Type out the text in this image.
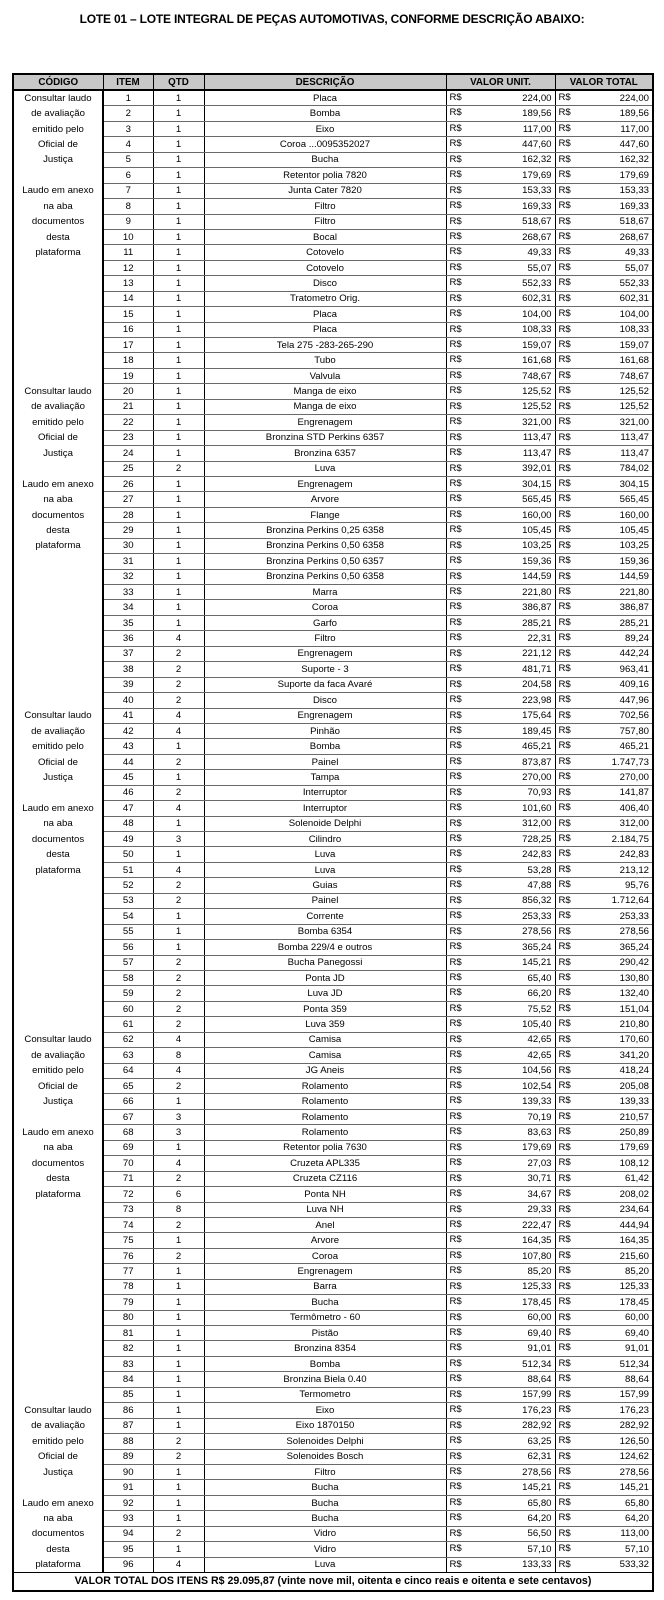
LOTE 01 – LOTE INTEGRAL DE PEÇAS AUTOMOTIVAS, CONFORME DESCRIÇÃO ABAIXO:
CÓDIGO	ITEM	QTD	DESCRIÇÃO	VALOR UNIT.	VALOR TOTAL
Consultar laudo	1	1	Placa	R$ 224,00	R$ 224,00
de avaliação	2	1	Bomba	R$ 189,56	R$ 189,56
emitido pelo	3	1	Eixo	R$ 117,00	R$ 117,00
Oficial de	4	1	Coroa ...0095352027	R$ 447,60	R$ 447,60
Justiça	5	1	Bucha	R$ 162,32	R$ 162,32
	6	1	Retentor polia 7820	R$ 179,69	R$ 179,69
Laudo em anexo	7	1	Junta Cater 7820	R$ 153,33	R$ 153,33
na aba	8	1	Filtro	R$ 169,33	R$ 169,33
documentos	9	1	Filtro	R$ 518,67	R$ 518,67
desta	10	1	Bocal	R$ 268,67	R$ 268,67
plataforma	11	1	Cotovelo	R$ 49,33	R$ 49,33
	12	1	Cotovelo	R$ 55,07	R$ 55,07
	13	1	Disco	R$ 552,33	R$ 552,33
	14	1	Tratometro Orig.	R$ 602,31	R$ 602,31
	15	1	Placa	R$ 104,00	R$ 104,00
	16	1	Placa	R$ 108,33	R$ 108,33
	17	1	Tela 275 -283-265-290	R$ 159,07	R$ 159,07
	18	1	Tubo	R$ 161,68	R$ 161,68
	19	1	Valvula	R$ 748,67	R$ 748,67
Consultar laudo	20	1	Manga de eixo	R$ 125,52	R$ 125,52
de avaliação	21	1	Manga de eixo	R$ 125,52	R$ 125,52
emitido pelo	22	1	Engrenagem	R$ 321,00	R$ 321,00
Oficial de	23	1	Bronzina STD Perkins 6357	R$ 113,47	R$ 113,47
Justiça	24	1	Bronzina 6357	R$ 113,47	R$ 113,47
	25	2	Luva	R$ 392,01	R$ 784,02
Laudo em anexo	26	1	Engrenagem	R$ 304,15	R$ 304,15
na aba	27	1	Arvore	R$ 565,45	R$ 565,45
documentos	28	1	Flange	R$ 160,00	R$ 160,00
desta	29	1	Bronzina Perkins 0,25 6358	R$ 105,45	R$ 105,45
plataforma	30	1	Bronzina Perkins 0,50 6358	R$ 103,25	R$ 103,25
	31	1	Bronzina Perkins 0,50 6357	R$ 159,36	R$ 159,36
	32	1	Bronzina Perkins 0,50 6358	R$ 144,59	R$ 144,59
	33	1	Marra	R$ 221,80	R$ 221,80
	34	1	Coroa	R$ 386,87	R$ 386,87
	35	1	Garfo	R$ 285,21	R$ 285,21
	36	4	Filtro	R$ 22,31	R$ 89,24
	37	2	Engrenagem	R$ 221,12	R$ 442,24
	38	2	Suporte - 3	R$ 481,71	R$ 963,41
	39	2	Suporte da faca Avaré	R$ 204,58	R$ 409,16
	40	2	Disco	R$ 223,98	R$ 447,96
Consultar laudo	41	4	Engrenagem	R$ 175,64	R$ 702,56
de avaliação	42	4	Pinhão	R$ 189,45	R$ 757,80
emitido pelo	43	1	Bomba	R$ 465,21	R$ 465,21
Oficial de	44	2	Painel	R$ 873,87	R$ 1.747,73
Justiça	45	1	Tampa	R$ 270,00	R$ 270,00
	46	2	Interruptor	R$ 70,93	R$ 141,87
Laudo em anexo	47	4	Interruptor	R$ 101,60	R$ 406,40
na aba	48	1	Solenoide Delphi	R$ 312,00	R$ 312,00
documentos	49	3	Cilindro	R$ 728,25	R$ 2.184,75
desta	50	1	Luva	R$ 242,83	R$ 242,83
plataforma	51	4	Luva	R$ 53,28	R$ 213,12
	52	2	Guias	R$ 47,88	R$ 95,76
	53	2	Painel	R$ 856,32	R$ 1.712,64
	54	1	Corrente	R$ 253,33	R$ 253,33
	55	1	Bomba 6354	R$ 278,56	R$ 278,56
	56	1	Bomba 229/4 e outros	R$ 365,24	R$ 365,24
	57	2	Bucha Panegossi	R$ 145,21	R$ 290,42
	58	2	Ponta JD	R$ 65,40	R$ 130,80
	59	2	Luva JD	R$ 66,20	R$ 132,40
	60	2	Ponta 359	R$ 75,52	R$ 151,04
	61	2	Luva 359	R$ 105,40	R$ 210,80
Consultar laudo	62	4	Camisa	R$ 42,65	R$ 170,60
de avaliação	63	8	Camisa	R$ 42,65	R$ 341,20
emitido pelo	64	4	JG Aneis	R$ 104,56	R$ 418,24
Oficial de	65	2	Rolamento	R$ 102,54	R$ 205,08
Justiça	66	1	Rolamento	R$ 139,33	R$ 139,33
	67	3	Rolamento	R$ 70,19	R$ 210,57
Laudo em anexo	68	3	Rolamento	R$ 83,63	R$ 250,89
na aba	69	1	Retentor polia 7630	R$ 179,69	R$ 179,69
documentos	70	4	Cruzeta APL335	R$ 27,03	R$ 108,12
desta	71	2	Cruzeta CZ116	R$ 30,71	R$ 61,42
plataforma	72	6	Ponta NH	R$ 34,67	R$ 208,02
	73	8	Luva NH	R$ 29,33	R$ 234,64
	74	2	Anel	R$ 222,47	R$ 444,94
	75	1	Arvore	R$ 164,35	R$ 164,35
	76	2	Coroa	R$ 107,80	R$ 215,60
	77	1	Engrenagem	R$ 85,20	R$ 85,20
	78	1	Barra	R$ 125,33	R$ 125,33
	79	1	Bucha	R$ 178,45	R$ 178,45
	80	1	Termômetro - 60	R$ 60,00	R$ 60,00
	81	1	Pistão	R$ 69,40	R$ 69,40
	82	1	Bronzina 8354	R$ 91,01	R$ 91,01
	83	1	Bomba	R$ 512,34	R$ 512,34
	84	1	Bronzina Biela 0.40	R$ 88,64	R$ 88,64
	85	1	Termometro	R$ 157,99	R$ 157,99
Consultar laudo	86	1	Eixo	R$ 176,23	R$ 176,23
de avaliação	87	1	Eixo 1870150	R$ 282,92	R$ 282,92
emitido pelo	88	2	Solenoides Delphi	R$ 63,25	R$ 126,50
Oficial de	89	2	Solenoides Bosch	R$ 62,31	R$ 124,62
Justiça	90	1	Filtro	R$ 278,56	R$ 278,56
	91	1	Bucha	R$ 145,21	R$ 145,21
Laudo em anexo	92	1	Bucha	R$ 65,80	R$ 65,80
na aba	93	1	Bucha	R$ 64,20	R$ 64,20
documentos	94	2	Vidro	R$ 56,50	R$ 113,00
desta	95	1	Vidro	R$ 57,10	R$ 57,10
plataforma	96	4	Luva	R$ 133,33	R$ 533,32
VALOR TOTAL DOS ITENS R$ 29.095,87 (vinte nove mil, oitenta e cinco reais e oitenta e sete centavos)					
